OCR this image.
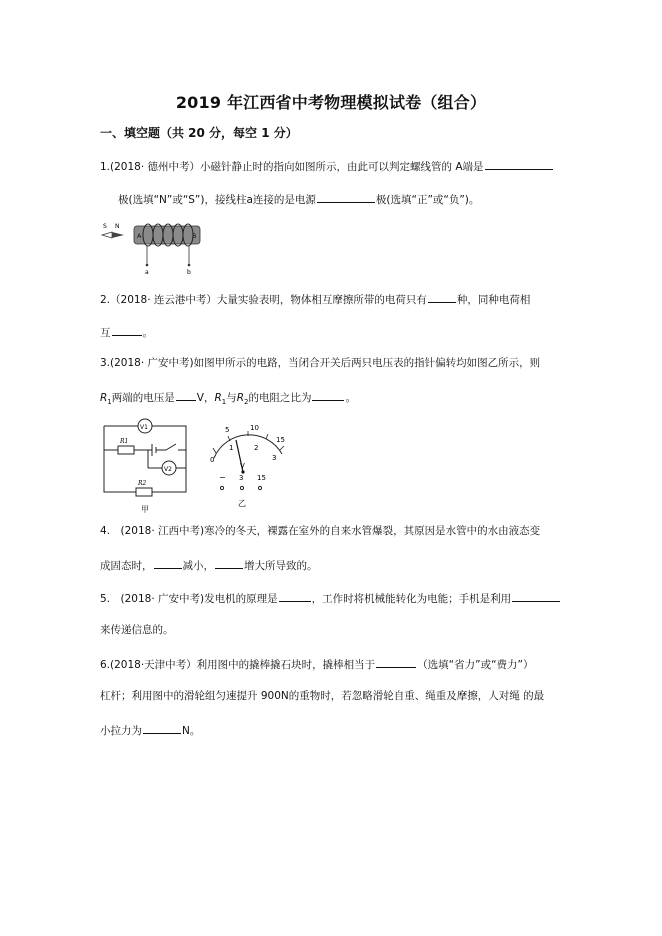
2019 年江西省中考物理模拟试卷（组合）
一、填空题（共 20 分，每空 1 分）
1.(2018· 德州中考）小磁针静止时的指向如图所示，由此可以判定螺线管的 A端是
极(选填“N”或“S”)，接线柱a连接的是电源	极(选填“正”或“负”)。
S N
A	B
a	b
2.（2018· 连云港中考）大量实验表明，物体相互摩擦所带的电荷只有	种，同种电荷相
互	。
3.(2018· 广安中考)如图甲所示的电路，当闭合开关后两只电压表的指针偏转均如图乙所示，则
$R_1$两端的电压是 V，$R_1$与$R_2$的电阻之比为	。
R1
R2
V2
V1
甲
5	10
15
0
1	2
3
V
− 3 15
乙
4.　(2018· 江西中考)寒冷的冬天，裸露在室外的自来水管爆裂，其原因是水管中的水由液态变
成固态时，	减小，	增大所导致的。
5.　(2018· 广安中考)发电机的原理是	，工作时将机械能转化为电能；手机是利用
来传递信息的。
6.(2018·天津中考）利用图中的撬棒撬石块时，撬棒相当于	（选填“省力”或“费力”）
杠杆；利用图中的滑轮组匀速提升 900N的重物时，若忽略滑轮自重、绳重及摩擦，人对绳 的最
小拉力为	N。
